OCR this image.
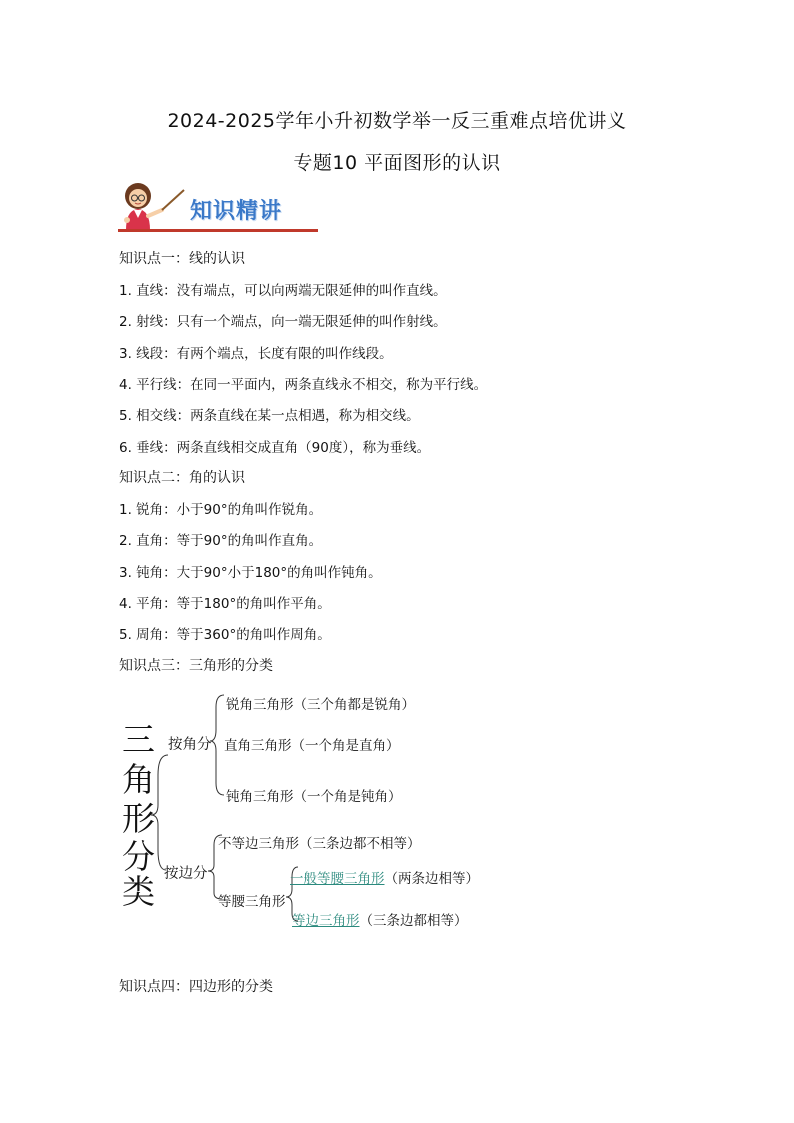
2024-2025学年小升初数学举一反三重难点培优讲义
专题10 平面图形的认识
知识精讲
知识点一：线的认识
1. 直线：没有端点，可以向两端无限延伸的叫作直线。
2. 射线：只有一个端点，向一端无限延伸的叫作射线。
3. 线段：有两个端点，长度有限的叫作线段。
4. 平行线：在同一平面内，两条直线永不相交，称为平行线。
5. 相交线：两条直线在某一点相遇，称为相交线。
6. 垂线：两条直线相交成直角（90度），称为垂线。
知识点二：角的认识
1. 锐角：小于90°的角叫作锐角。
2. 直角：等于90°的角叫作直角。
3. 钝角：大于90°小于180°的角叫作钝角。
4. 平角：等于180°的角叫作平角。
5. 周角：等于360°的角叫作周角。
知识点三：三角形的分类
三
角
形
分
类
按角分
锐角三角形（三个角都是锐角）
直角三角形（一个角是直角）
钝角三角形（一个角是钝角）
按边分
不等边三角形（三条边都不相等）
等腰三角形
一般等腰三角形（两条边相等）
等边三角形（三条边都相等）
知识点四：四边形的分类
